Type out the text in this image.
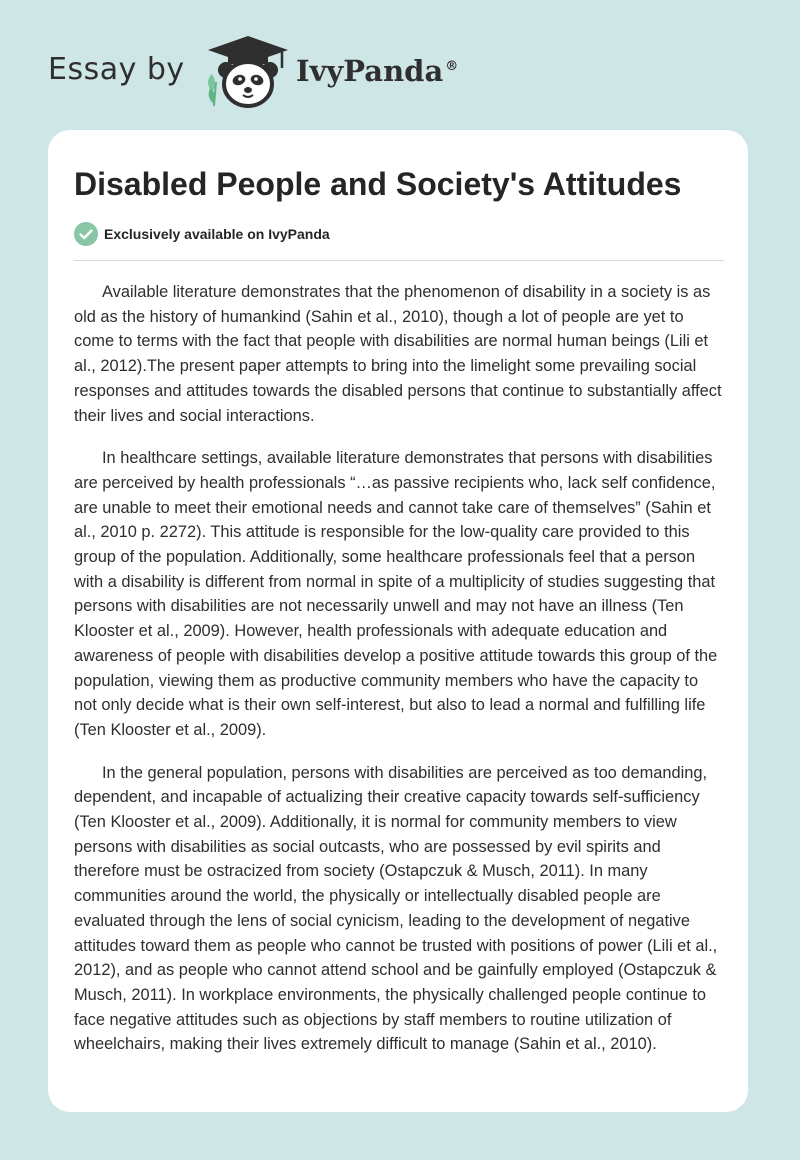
Essay by	IvyPanda ®
Disabled People and Society's Attitudes
Exclusively available on IvyPanda

Available literature demonstrates that the phenomenon of disability in a society is as old as the history of humankind (Sahin et al., 2010), though a lot of people are yet to come to terms with the fact that people with disabilities are normal human beings (Lili et al., 2012).The present paper attempts to bring into the limelight some prevailing social responses and attitudes towards the disabled persons that continue to substantially affect their lives and social interactions.

In healthcare settings, available literature demonstrates that persons with disabilities are perceived by health professionals “…as passive recipients who, lack self confidence, are unable to meet their emotional needs and cannot take care of themselves” (Sahin et al., 2010 p. 2272). This attitude is responsible for the low-quality care provided to this group of the population. Additionally, some healthcare professionals feel that a person with a disability is different from normal in spite of a multiplicity of studies suggesting that persons with disabilities are not necessarily unwell and may not have an illness (Ten Klooster et al., 2009). However, health professionals with adequate education and awareness of people with disabilities develop a positive attitude towards this group of the population, viewing them as productive community members who have the capacity to not only decide what is their own self-interest, but also to lead a normal and fulfilling life (Ten Klooster et al., 2009).

In the general population, persons with disabilities are perceived as too demanding, dependent, and incapable of actualizing their creative capacity towards self-sufficiency (Ten Klooster et al., 2009). Additionally, it is normal for community members to view persons with disabilities as social outcasts, who are possessed by evil spirits and therefore must be ostracized from society (Ostapczuk & Musch, 2011). In many communities around the world, the physically or intellectually disabled people are evaluated through the lens of social cynicism, leading to the development of negative attitudes toward them as people who cannot be trusted with positions of power (Lili et al., 2012), and as people who cannot attend school and be gainfully employed (Ostapczuk & Musch, 2011). In workplace environments, the physically challenged people continue to face negative attitudes such as objections by staff members to routine utilization of wheelchairs, making their lives extremely difficult to manage (Sahin et al., 2010).
